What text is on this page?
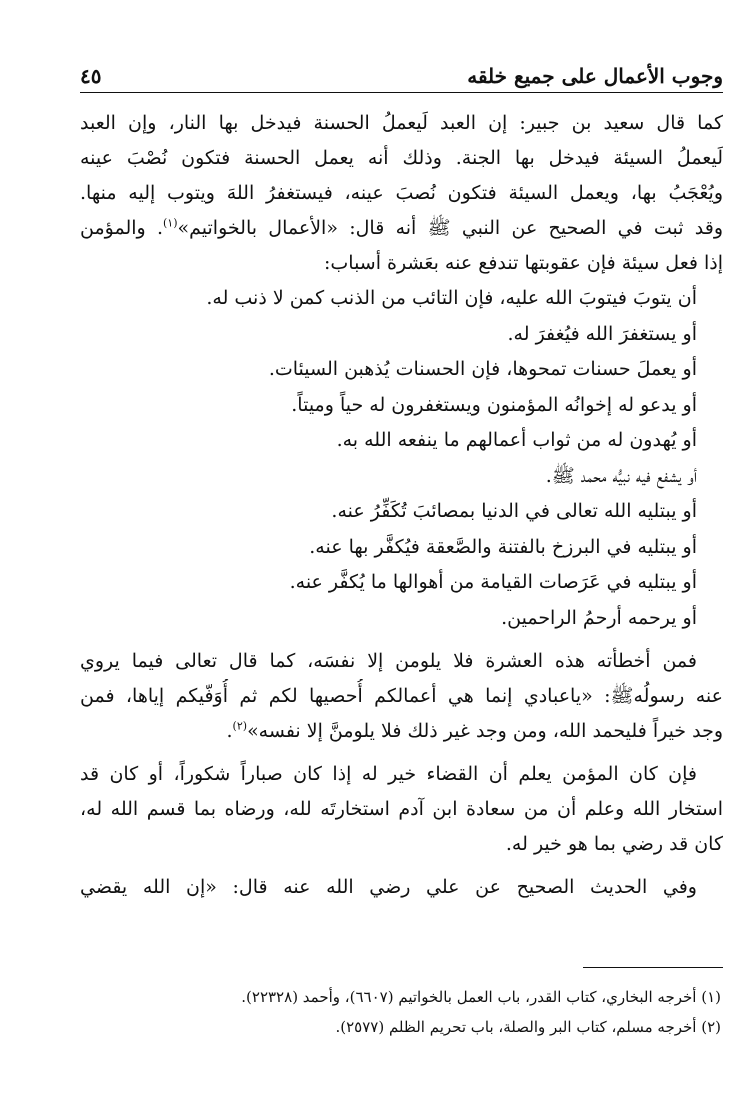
وجوب الأعمال على جميع خلقه
٤٥
كما قال سعيد بن جبير: إن العبد لَيعملُ الحسنة فيدخل بها النار، وإن العبد
لَيعملُ السيئة فيدخل بها الجنة. وذلك أنه يعمل الحسنة فتكون نُصْبَ عينه
ويُعْجَبُ بها، ويعمل السيئة فتكون نُصبَ عينه، فيستغفرُ اللهَ ويتوب إليه منها.
وقد ثبت في الصحيح عن النبي ﷺ أنه قال: «الأعمال بالخواتيم»$^{(١)}$. والمؤمن
إذا فعل سيئة فإن عقوبتها تندفع عنه بعَشرة أسباب:
أن يتوبَ فيتوبَ الله عليه، فإن التائب من الذنب كمن لا ذنب له.
أو يستغفرَ الله فيُغفرَ له.
أو يعملَ حسنات تمحوها، فإن الحسنات يُذهبن السيئات.
أو يدعو له إخوانُه المؤمنون ويستغفرون له حياً وميتاً.
أو يُهدون له من ثواب أعمالهم ما ينفعه الله به.
أو يشفع فيه نبيُّه محمد ﷺ.
أو يبتليه الله تعالى في الدنيا بمصائبَ تُكَفِّرُ عنه.
أو يبتليه في البرزخ بالفتنة والصَّعقة فيُكفَّر بها عنه.
أو يبتليه في عَرَصات القيامة من أهوالها ما يُكفَّر عنه.
أو يرحمه أرحمُ الراحمين.
فمن أخطأته هذه العشرة فلا يلومن إلا نفسَه، كما قال تعالى فيما يروي
عنه رسولُهﷺ: «ياعبادي إنما هي أعمالكم أُحصيها لكم ثم أُوَفّيكم إياها، فمن
وجد خيراً فليحمد الله، ومن وجد غير ذلك فلا يلومنَّ إلا نفسه»$^{(٢)}$.
فإن كان المؤمن يعلم أن القضاء خير له إذا كان صباراً شكوراً، أو كان قد
استخار الله وعلم أن من سعادة ابن آدم استخارتَه لله، ورضاه بما قسم الله له،
كان قد رضي بما هو خير له.
وفي الحديث الصحيح عن علي رضي الله عنه قال: «إن الله يقضي
(١) أخرجه البخاري، كتاب القدر، باب العمل بالخواتيم (٦٦٠٧)، وأحمد (٢٢٣٢٨).
(٢) أخرجه مسلم، كتاب البر والصلة، باب تحريم الظلم (٢٥٧٧).
